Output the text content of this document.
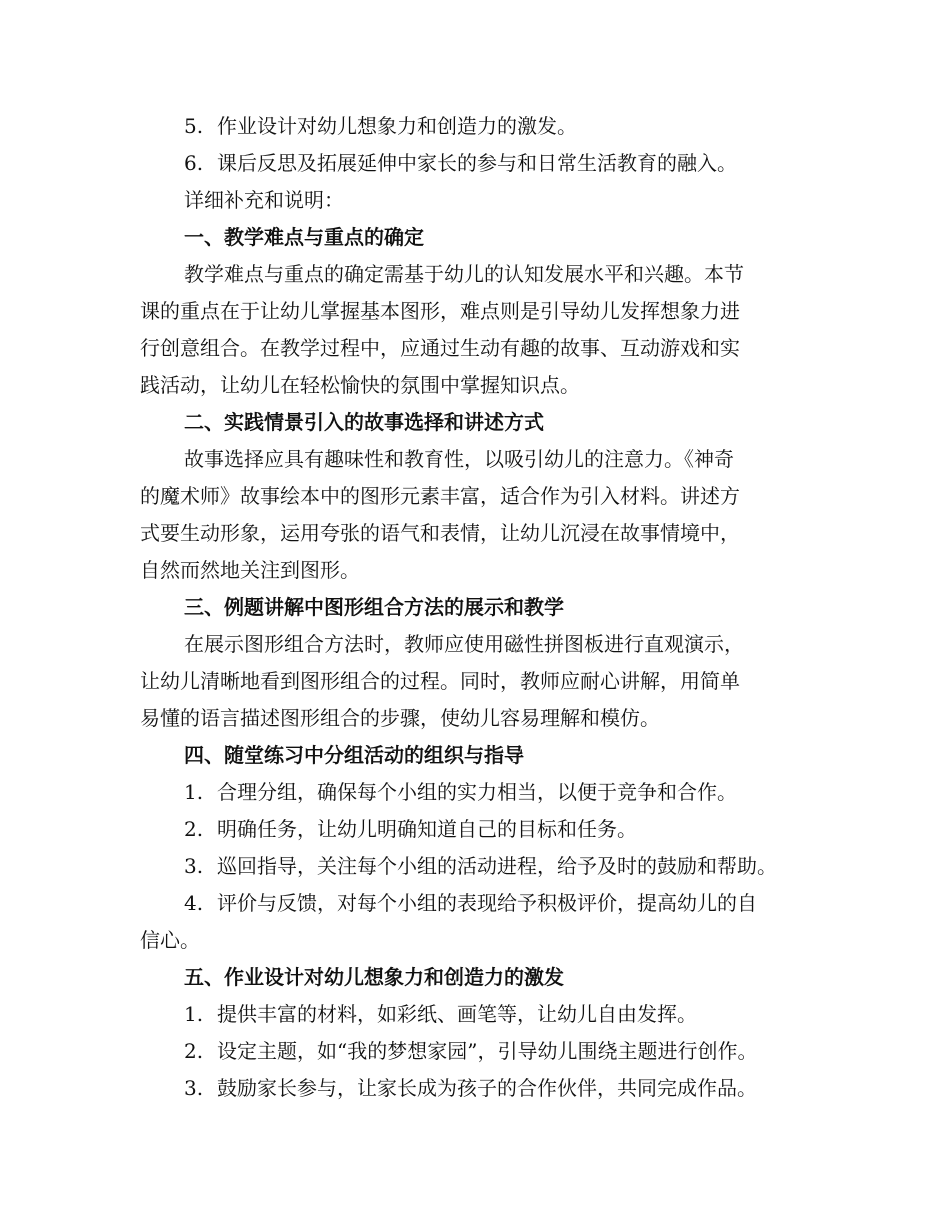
5. 作业设计对幼儿想象力和创造力的激发。
6. 课后反思及拓展延伸中家长的参与和日常生活教育的融入。
详细补充和说明：
一、教学难点与重点的确定
教学难点与重点的确定需基于幼儿的认知发展水平和兴趣。本节
课的重点在于让幼儿掌握基本图形，难点则是引导幼儿发挥想象力进
行创意组合。在教学过程中，应通过生动有趣的故事、互动游戏和实
践活动，让幼儿在轻松愉快的氛围中掌握知识点。
二、实践情景引入的故事选择和讲述方式
故事选择应具有趣味性和教育性，以吸引幼儿的注意力。《神奇
的魔术师》故事绘本中的图形元素丰富，适合作为引入材料。讲述方
式要生动形象，运用夸张的语气和表情，让幼儿沉浸在故事情境中，
自然而然地关注到图形。
三、例题讲解中图形组合方法的展示和教学
在展示图形组合方法时，教师应使用磁性拼图板进行直观演示，
让幼儿清晰地看到图形组合的过程。同时，教师应耐心讲解，用简单
易懂的语言描述图形组合的步骤，使幼儿容易理解和模仿。
四、随堂练习中分组活动的组织与指导
1. 合理分组，确保每个小组的实力相当，以便于竞争和合作。
2. 明确任务，让幼儿明确知道自己的目标和任务。
3. 巡回指导，关注每个小组的活动进程，给予及时的鼓励和帮助。
4. 评价与反馈，对每个小组的表现给予积极评价，提高幼儿的自
信心。
五、作业设计对幼儿想象力和创造力的激发
1. 提供丰富的材料，如彩纸、画笔等，让幼儿自由发挥。
2. 设定主题，如“我的梦想家园”，引导幼儿围绕主题进行创作。
3. 鼓励家长参与，让家长成为孩子的合作伙伴，共同完成作品。
